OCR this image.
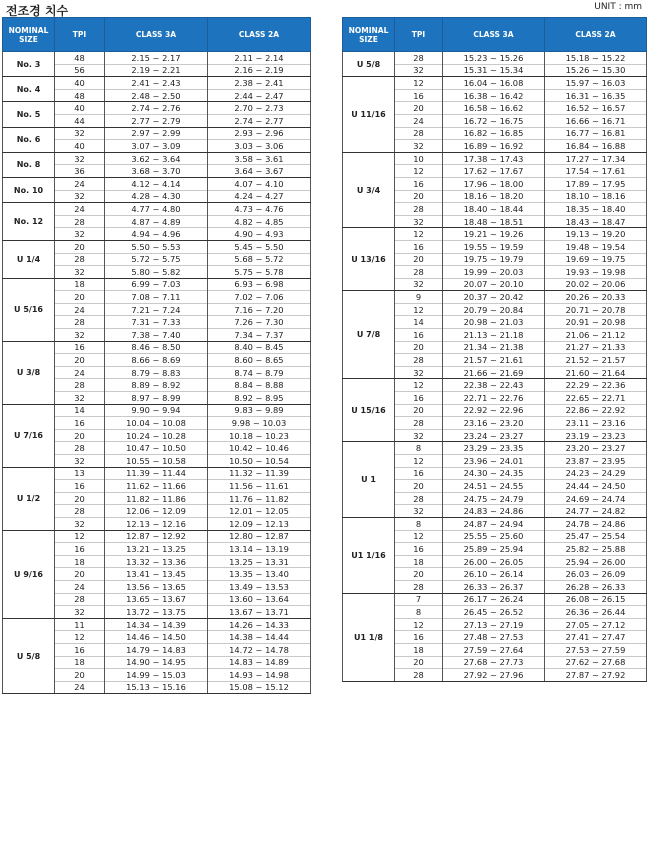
전조경 치수	UNIT : mm
NOMINAL SIZE	TPI	CLASS 3A	CLASS 2A
No. 3	48	2.15 ~ 2.17	2.11 ~ 2.14
	56	2.19 ~ 2.21	2.16 ~ 2.19
No. 4	40	2.41 ~ 2.43	2.38 ~ 2.41
	48	2.48 ~ 2.50	2.44 ~ 2.47
No. 5	40	2.74 ~ 2.76	2.70 ~ 2.73
	44	2.77 ~ 2.79	2.74 ~ 2.77
No. 6	32	2.97 ~ 2.99	2.93 ~ 2.96
	40	3.07 ~ 3.09	3.03 ~ 3.06
No. 8	32	3.62 ~ 3.64	3.58 ~ 3.61
	36	3.68 ~ 3.70	3.64 ~ 3.67
No. 10	24	4.12 ~ 4.14	4.07 ~ 4.10
	32	4.28 ~ 4.30	4.24 ~ 4.27
No. 12	24	4.77 ~ 4.80	4.73 ~ 4.76
	28	4.87 ~ 4.89	4.82 ~ 4.85
	32	4.94 ~ 4.96	4.90 ~ 4.93
U 1/4	20	5.50 ~ 5.53	5.45 ~ 5.50
	28	5.72 ~ 5.75	5.68 ~ 5.72
	32	5.80 ~ 5.82	5.75 ~ 5.78
U 5/16	18	6.99 ~ 7.03	6.93 ~ 6.98
	20	7.08 ~ 7.11	7.02 ~ 7.06
	24	7.21 ~ 7.24	7.16 ~ 7.20
	28	7.31 ~ 7.33	7.26 ~ 7.30
	32	7.38 ~ 7.40	7.34 ~ 7.37
U 3/8	16	8.46 ~ 8.50	8.40 ~ 8.45
	20	8.66 ~ 8.69	8.60 ~ 8.65
	24	8.79 ~ 8.83	8.74 ~ 8.79
	28	8.89 ~ 8.92	8.84 ~ 8.88
	32	8.97 ~ 8.99	8.92 ~ 8.95
U 7/16	14	9.90 ~ 9.94	9.83 ~ 9.89
	16	10.04 ~ 10.08	9.98 ~ 10.03
	20	10.24 ~ 10.28	10.18 ~ 10.23
	28	10.47 ~ 10.50	10.42 ~ 10.46
	32	10.55 ~ 10.58	10.50 ~ 10.54
U 1/2	13	11.39 ~ 11.44	11.32 ~ 11.39
	16	11.62 ~ 11.66	11.56 ~ 11.61
	20	11.82 ~ 11.86	11.76 ~ 11.82
	28	12.06 ~ 12.09	12.01 ~ 12.05
	32	12.13 ~ 12.16	12.09 ~ 12.13
U 9/16	12	12.87 ~ 12.92	12.80 ~ 12.87
	16	13.21 ~ 13.25	13.14 ~ 13.19
	18	13.32 ~ 13.36	13.25 ~ 13.31
	20	13.41 ~ 13.45	13.35 ~ 13.40
	24	13.56 ~ 13.65	13.49 ~ 13.53
	28	13.65 ~ 13.67	13.60 ~ 13.64
	32	13.72 ~ 13.75	13.67 ~ 13.71
U 5/8	11	14.34 ~ 14.39	14.26 ~ 14.33
	12	14.46 ~ 14.50	14.38 ~ 14.44
	16	14.79 ~ 14.83	14.72 ~ 14.78
	18	14.90 ~ 14.95	14.83 ~ 14.89
	20	14.99 ~ 15.03	14.93 ~ 14.98
	24	15.13 ~ 15.16	15.08 ~ 15.12
NOMINAL SIZE	TPI	CLASS 3A	CLASS 2A
U 5/8	28	15.23 ~ 15.26	15.18 ~ 15.22
	32	15.31 ~ 15.34	15.26 ~ 15.30
U 11/16	12	16.04 ~ 16.08	15.97 ~ 16.03
	16	16.38 ~ 16.42	16.31 ~ 16.35
	20	16.58 ~ 16.62	16.52 ~ 16.57
	24	16.72 ~ 16.75	16.66 ~ 16.71
	28	16.82 ~ 16.85	16.77 ~ 16.81
	32	16.89 ~ 16.92	16.84 ~ 16.88
U 3/4	10	17.38 ~ 17.43	17.27 ~ 17.34
	12	17.62 ~ 17.67	17.54 ~ 17.61
	16	17.96 ~ 18.00	17.89 ~ 17.95
	20	18.16 ~ 18.20	18.10 ~ 18.16
	28	18.40 ~ 18.44	18.35 ~ 18.40
	32	18.48 ~ 18.51	18.43 ~ 18.47
U 13/16	12	19.21 ~ 19.26	19.13 ~ 19.20
	16	19.55 ~ 19.59	19.48 ~ 19.54
	20	19.75 ~ 19.79	19.69 ~ 19.75
	28	19.99 ~ 20.03	19.93 ~ 19.98
	32	20.07 ~ 20.10	20.02 ~ 20.06
U 7/8	9	20.37 ~ 20.42	20.26 ~ 20.33
	12	20.79 ~ 20.84	20.71 ~ 20.78
	14	20.98 ~ 21.03	20.91 ~ 20.98
	16	21.13 ~ 21.18	21.06 ~ 21.12
	20	21.34 ~ 21.38	21.27 ~ 21.33
	28	21.57 ~ 21.61	21.52 ~ 21.57
	32	21.66 ~ 21.69	21.60 ~ 21.64
U 15/16	12	22.38 ~ 22.43	22.29 ~ 22.36
	16	22.71 ~ 22.76	22.65 ~ 22.71
	20	22.92 ~ 22.96	22.86 ~ 22.92
	28	23.16 ~ 23.20	23.11 ~ 23.16
	32	23.24 ~ 23.27	23.19 ~ 23.23
U 1	8	23.29 ~ 23.35	23.20 ~ 23.27
	12	23.96 ~ 24.01	23.87 ~ 23.95
	16	24.30 ~ 24.35	24.23 ~ 24.29
	20	24.51 ~ 24.55	24.44 ~ 24.50
	28	24.75 ~ 24.79	24.69 ~ 24.74
	32	24.83 ~ 24.86	24.77 ~ 24.82
U1 1/16	8	24.87 ~ 24.94	24.78 ~ 24.86
	12	25.55 ~ 25.60	25.47 ~ 25.54
	16	25.89 ~ 25.94	25.82 ~ 25.88
	18	26.00 ~ 26.05	25.94 ~ 26.00
	20	26.10 ~ 26.14	26.03 ~ 26.09
	28	26.33 ~ 26.37	26.28 ~ 26.33
U1 1/8	7	26.17 ~ 26.24	26.08 ~ 26.15
	8	26.45 ~ 26.52	26.36 ~ 26.44
	12	27.13 ~ 27.19	27.05 ~ 27.12
	16	27.48 ~ 27.53	27.41 ~ 27.47
	18	27.59 ~ 27.64	27.53 ~ 27.59
	20	27.68 ~ 27.73	27.62 ~ 27.68
	28	27.92 ~ 27.96	27.87 ~ 27.92
